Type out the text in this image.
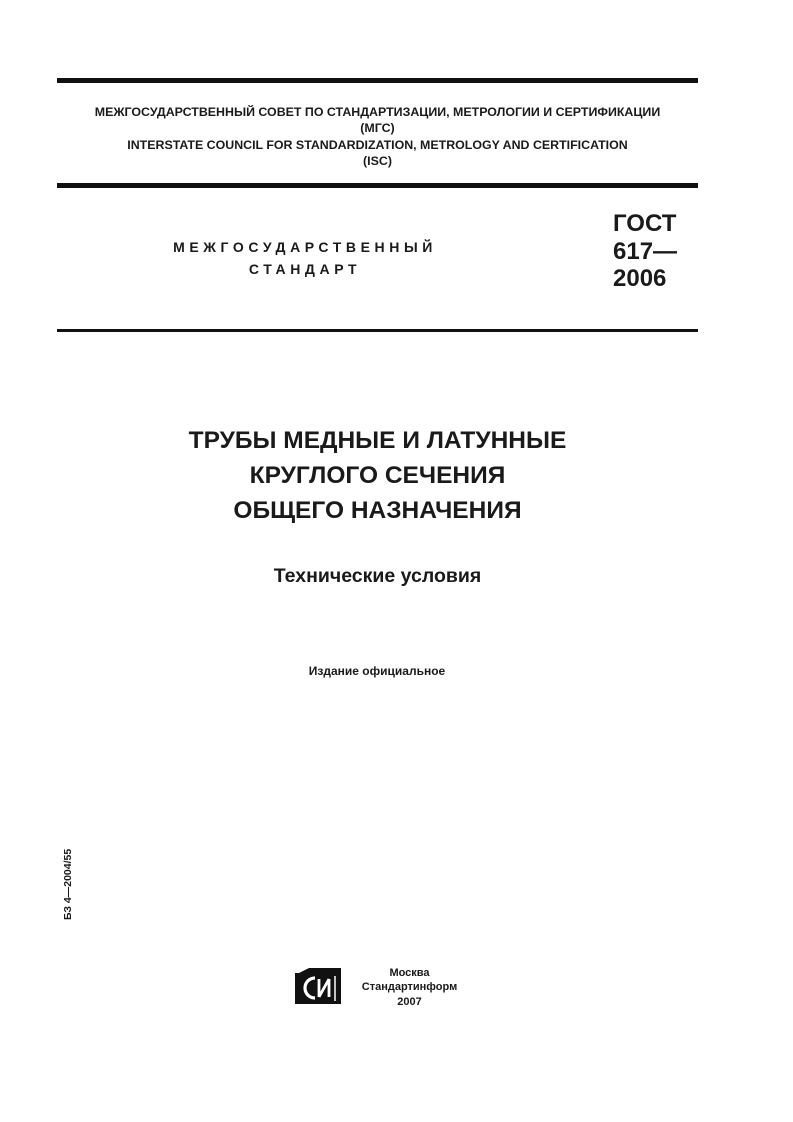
МЕЖГОСУДАРСТВЕННЫЙ СОВЕТ ПО СТАНДАРТИЗАЦИИ, МЕТРОЛОГИИ И СЕРТИФИКАЦИИ
(МГС)
INTERSTATE COUNCIL FOR STANDARDIZATION, METROLOGY AND CERTIFICATION
(ISC)
МЕЖГОСУДАРСТВЕННЫЙ
СТАНДАРТ
ГОСТ
617—
2006
ТРУБЫ МЕДНЫЕ И ЛАТУННЫЕ
КРУГЛОГО СЕЧЕНИЯ
ОБЩЕГО НАЗНАЧЕНИЯ
Технические условия
Издание официальное
БЗ 4—2004/55
Москва
Стандартинформ
2007
